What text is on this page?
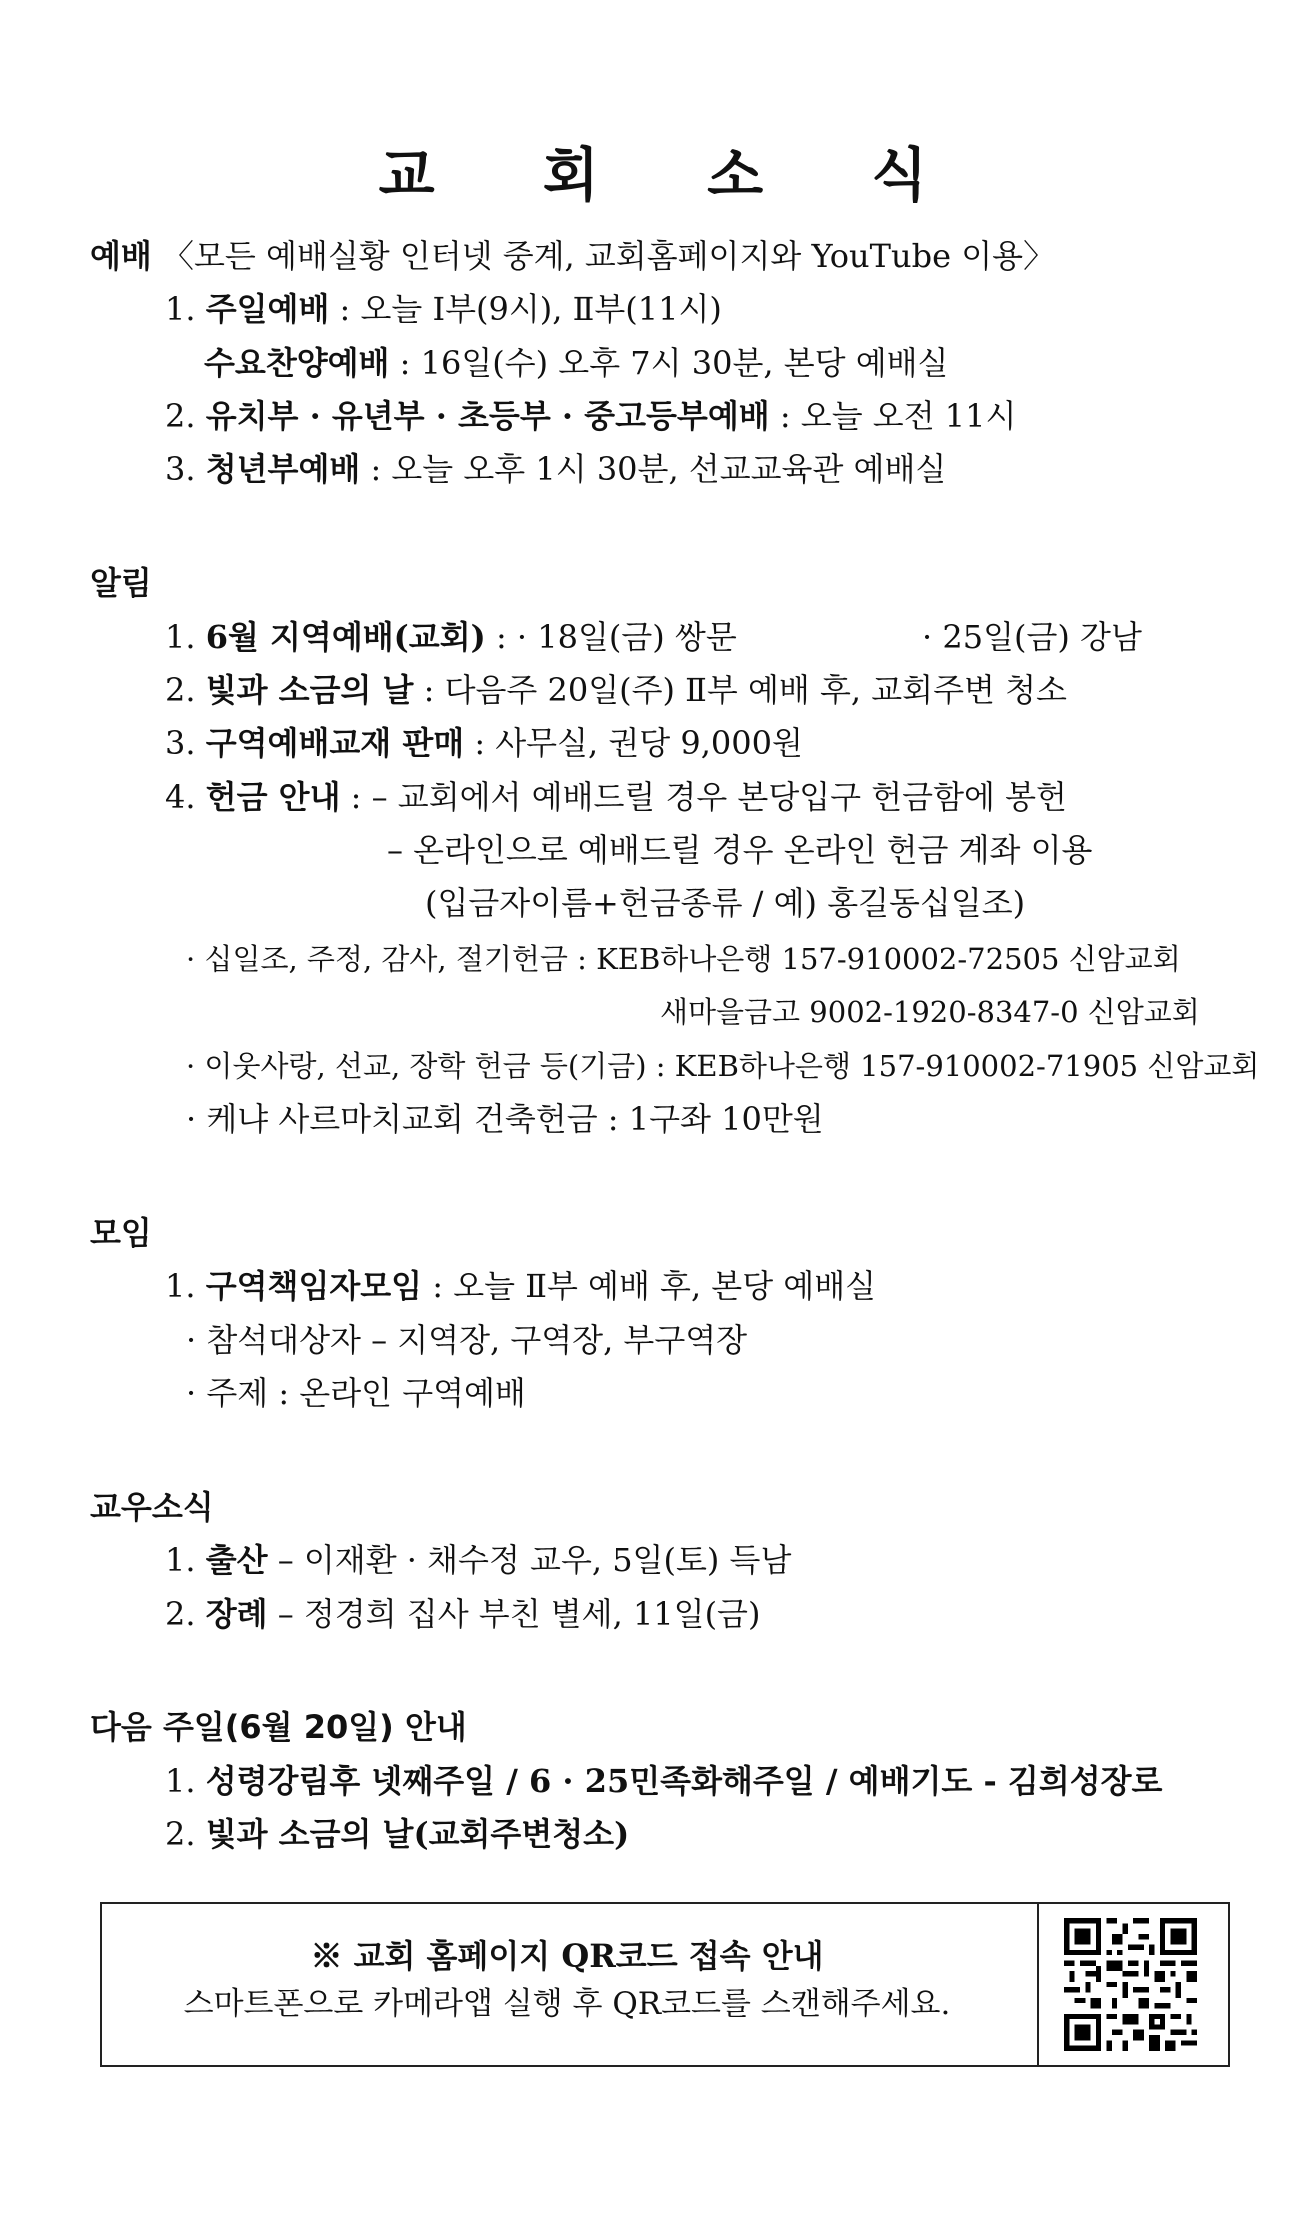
교 회 소 식
예배 〈모든 예배실황 인터넷 중계, 교회홈페이지와 YouTube 이용〉
1. 주일예배 : 오늘 Ⅰ부(9시), Ⅱ부(11시)
수요찬양예배 : 16일(수) 오후 7시 30분, 본당 예배실
2. 유치부 · 유년부 · 초등부 · 중고등부예배 : 오늘 오전 11시
3. 청년부예배 : 오늘 오후 1시 30분, 선교교육관 예배실
알림
1. 6월 지역예배(교회) : · 18일(금) 쌍문	· 25일(금) 강남
2. 빛과 소금의 날 : 다음주 20일(주) Ⅱ부 예배 후, 교회주변 청소
3. 구역예배교재 판매 : 사무실, 권당 9,000원
4. 헌금 안내 : – 교회에서 예배드릴 경우 본당입구 헌금함에 봉헌
– 온라인으로 예배드릴 경우 온라인 헌금 계좌 이용
(입금자이름+헌금종류 / 예) 홍길동십일조)
· 십일조, 주정, 감사, 절기헌금 : KEB하나은행 157-910002-72505 신암교회
새마을금고 9002-1920-8347-0 신암교회
· 이웃사랑, 선교, 장학 헌금 등(기금) : KEB하나은행 157-910002-71905 신암교회
· 케냐 사르마치교회 건축헌금 : 1구좌 10만원
모임
1. 구역책임자모임 : 오늘 Ⅱ부 예배 후, 본당 예배실
· 참석대상자 – 지역장, 구역장, 부구역장
· 주제 : 온라인 구역예배
교우소식
1. 출산 – 이재환 · 채수정 교우, 5일(토) 득남
2. 장례 – 정경희 집사 부친 별세, 11일(금)
다음 주일(6월 20일) 안내
1. 성령강림후 넷째주일 / 6 · 25민족화해주일 / 예배기도 - 김희성장로
2. 빛과 소금의 날(교회주변청소)
※ 교회 홈페이지 QR코드 접속 안내
스마트폰으로 카메라앱 실행 후 QR코드를 스캔해주세요.
